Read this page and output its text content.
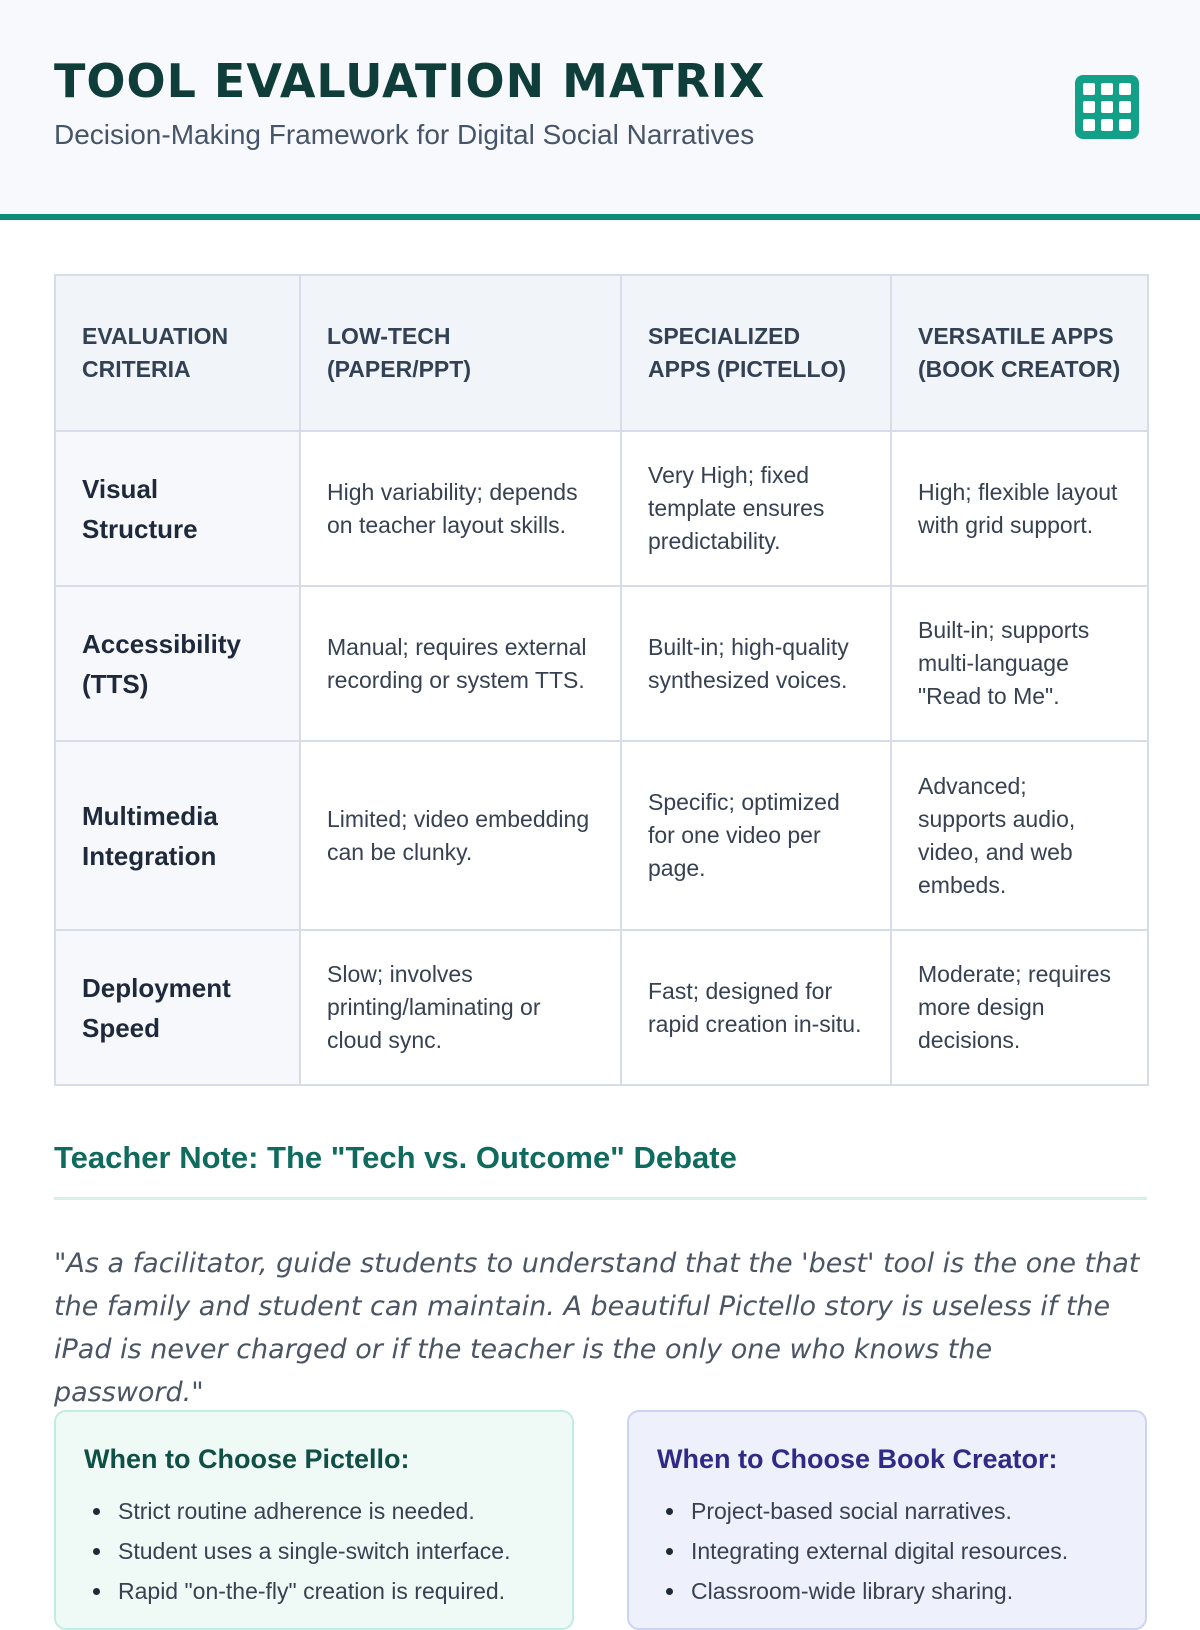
TOOL EVALUATION MATRIX
Decision-Making Framework for Digital Social Narratives
EVALUATION CRITERIA	LOW-TECH (PAPER/PPT)	SPECIALIZED APPS (PICTELLO)	VERSATILE APPS (BOOK CREATOR)
Visual Structure	High variability; depends on teacher layout skills.	Very High; fixed template ensures predictability.	High; flexible layout with grid support.
Accessibility (TTS)	Manual; requires external recording or system TTS.	Built-in; high-quality synthesized voices.	Built-in; supports multi-language "Read to Me".
Multimedia Integration	Limited; video embedding can be clunky.	Specific; optimized for one video per page.	Advanced; supports audio, video, and web embeds.
Deployment Speed	Slow; involves printing/laminating or cloud sync.	Fast; designed for rapid creation in-situ.	Moderate; requires more design decisions.
Teacher Note: The "Tech vs. Outcome" Debate

"As a facilitator, guide students to understand that the 'best' tool is the one that the family and student can maintain. A beautiful Pictello story is useless if the iPad is never charged or if the teacher is the only one who knows the password."

When to Choose Pictello:
Strict routine adherence is needed.
Student uses a single-switch interface.
Rapid "on-the-fly" creation is required.
When to Choose Book Creator:
Project-based social narratives.
Integrating external digital resources.
Classroom-wide library sharing.
